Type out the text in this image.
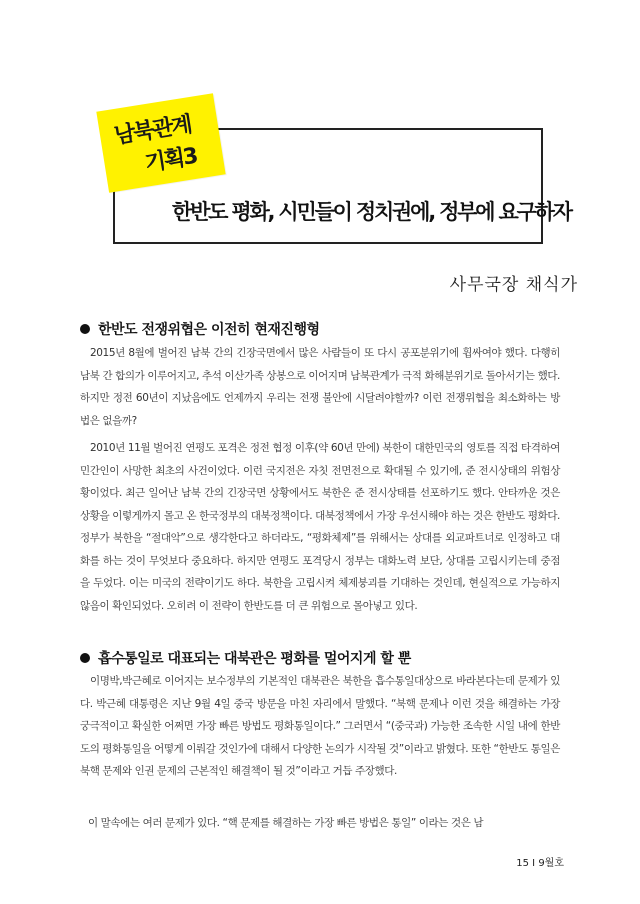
남북관계
기획3
한반도 평화, 시민들이 정치권에, 정부에 요구하자
사무국장 채식가
한반도 전쟁위협은 이전히 현재진행형

2015년 8월에 벌어진 남북 간의 긴장국면에서 많은 사람들이 또 다시 공포분위기에 휩싸여야 했다. 다행히 남북 간 합의가 이루어지고, 추석 이산가족 상봉으로 이어지며 남북관계가 극적 화해분위기로 돌아서기는 했다. 하지만 정전 60년이 지났음에도 언제까지 우리는 전쟁 불안에 시달려야할까? 이런 전쟁위협을 최소화하는 방법은 없을까?

2010년 11월 벌어진 연평도 포격은 정전 협정 이후(약 60년 만에) 북한이 대한민국의 영토를 직접 타격하여 민간인이 사망한 최초의 사건이었다. 이런 국지전은 자칫 전면전으로 확대될 수 있기에, 준 전시상태의 위험상황이었다. 최근 일어난 남북 간의 긴장국면 상황에서도 북한은 준 전시상태를 선포하기도 했다. 안타까운 것은 상황을 이렇게까지 몰고 온 한국정부의 대북정책이다. 대북정책에서 가장 우선시해야 하는 것은 한반도 평화다. 정부가 북한을 “절대악”으로 생각한다고 하더라도, “평화체제”를 위해서는 상대를 외교파트너로 인정하고 대화를 하는 것이 무엇보다 중요하다. 하지만 연평도 포격당시 정부는 대화노력 보단, 상대를 고립시키는데 중점을 두었다. 이는 미국의 전략이기도 하다. 북한을 고립시켜 체제붕괴를 기대하는 것인데, 현실적으로 가능하지 않음이 확인되었다. 오히려 이 전략이 한반도를 더 큰 위험으로 몰아넣고 있다.

흡수통일로 대표되는 대북관은 평화를 멀어지게 할 뿐

이명박,박근혜로 이어지는 보수정부의 기본적인 대북관은 북한을 흡수통일대상으로 바라본다는데 문제가 있다. 박근혜 대통령은 지난 9월 4일 중국 방문을 마친 자리에서 말했다. “북핵 문제나 이런 것을 해결하는 가장 궁극적이고 확실한 어쩌면 가장 빠른 방법도 평화통일이다.” 그러면서 “(중국과) 가능한 조속한 시일 내에 한반도의 평화통일을 어떻게 이뤄갈 것인가에 대해서 다양한 논의가 시작될 것”이라고 밝혔다. 또한 “한반도 통일은 북핵 문제와 인권 문제의 근본적인 해결책이 될 것”이라고 거듭 주장했다.

이 말속에는 여러 문제가 있다. “핵 문제를 해결하는 가장 빠른 방법은 통일” 이라는 것은 남

15 I 9월호
